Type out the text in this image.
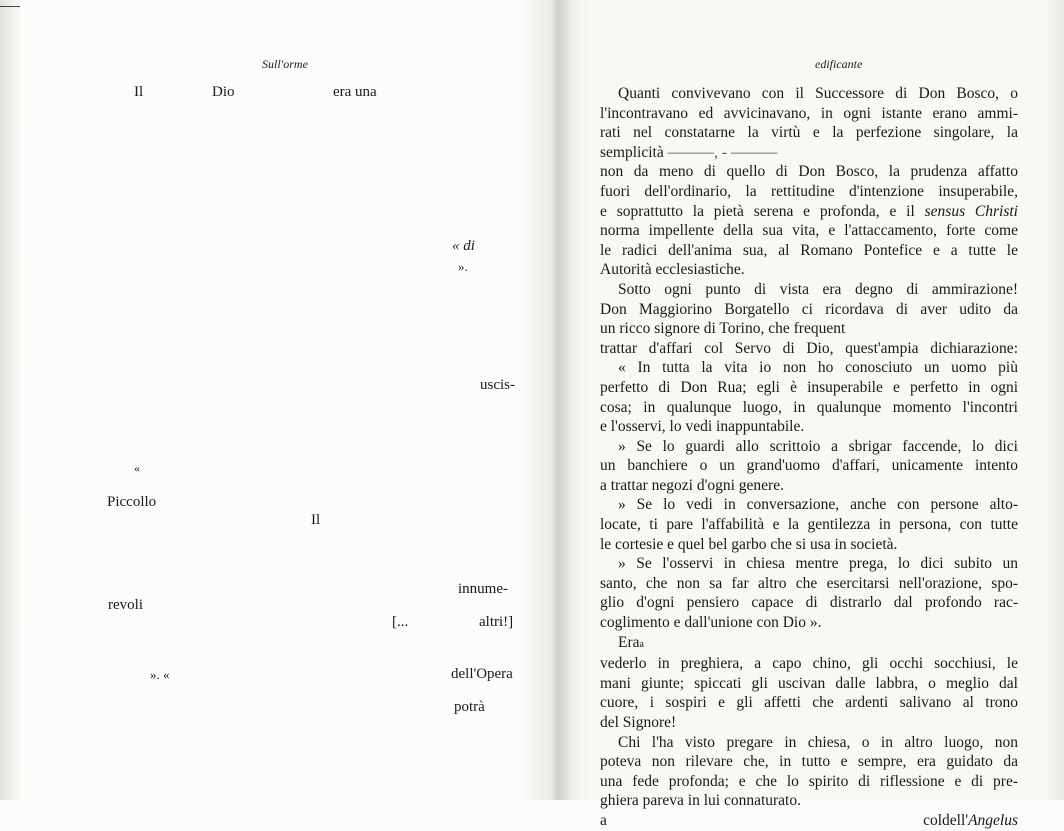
Sull'orme
Il	Dio	era una
« di
».
uscis-
«
Piccollo
Il
innume-
revoli
[...	altri!]
». «	dell'Opera
potrà
edificante
Quanti convivevano con il Successore di Don Bosco, o
l'incontravano ed avvicinavano, in ogni istante erano ammi-
rati nel constatarne la virtù e la perfezione singolare, la
semplicità ———, ‑ ———
non da meno di quello di Don Bosco, la prudenza affatto
fuori dell'ordinario, la rettitudine d'intenzione insuperabile,
e soprattutto la pietà serena e profonda, e il sensus Christi
norma impellente della sua vita, e l'attaccamento, forte come
le radici dell'anima sua, al Romano Pontefice e a tutte le
Autorità ecclesiastiche.
Sotto ogni punto di vista era degno di ammirazione!
Don Maggiorino Borgatello ci ricordava di aver udito da
un ricco signore di Torino, che frequent
trattar d'affari col Servo di Dio, quest'ampia dichiarazione:
« In tutta la vita io non ho conosciuto un uomo più
perfetto di Don Rua; egli è insuperabile e perfetto in ogni
cosa; in qualunque luogo, in qualunque momento l'incontri
e l'osservi, lo vedi inappuntabile.
» Se lo guardi allo scrittoio a sbrigar faccende, lo dici
un banchiere o un grand'uomo d'affari, unicamente intento
a trattar negozi d'ogni genere.
» Se lo vedi in conversazione, anche con persone alto-
locate, ti pare l'affabilità e la gentilezza in persona, con tutte
le cortesie e quel bel garbo che si usa in società.
» Se l'osservi in chiesa mentre prega, lo dici subito un
santo, che non sa far altro che esercitarsi nell'orazione, spo-
glio d'ogni pensiero capace di distrarlo dal profondo rac-
coglimento e dall'unione con Dio ».
Eraa
vederlo in preghiera, a capo chino, gli occhi socchiusi, le
mani giunte; spiccati gli uscivan dalle labbra, o meglio dal
cuore, i sospiri e gli affetti che ardenti salivano al trono
del Signore!
Chi l'ha visto pregare in chiesa, o in altro luogo, non
poteva non rilevare che, in tutto e sempre, era guidato da
una fede profonda; e che lo spirito di riflessione e di pre-
ghiera pareva in lui connaturato.
a coldell'Angelus
